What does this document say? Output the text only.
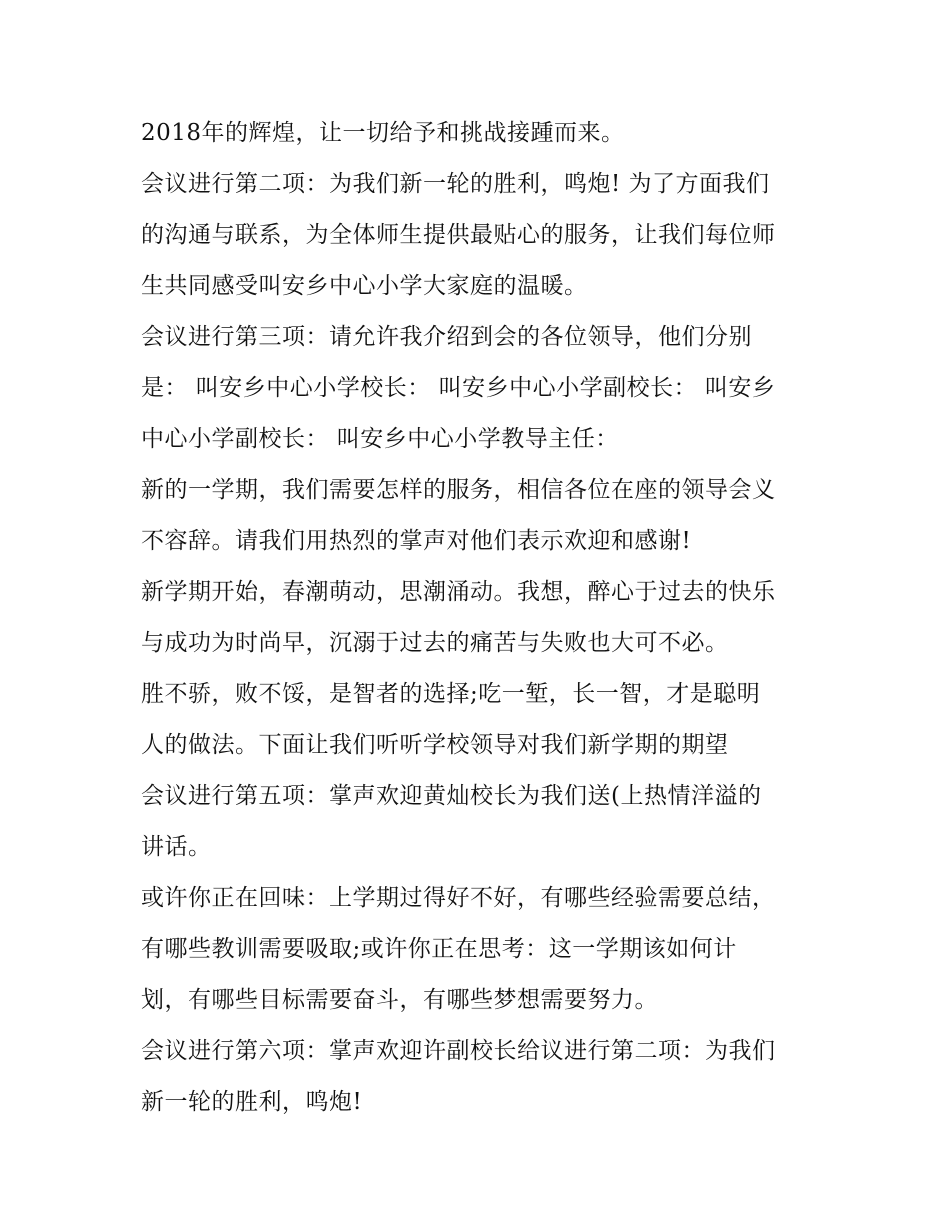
2018年的辉煌，让一切给予和挑战接踵而来。
会议进行第二项：为我们新一轮的胜利，鸣炮! 为了方面我们
的沟通与联系，为全体师生提供最贴心的服务，让我们每位师
生共同感受叫安乡中心小学大家庭的温暖。
会议进行第三项：请允许我介绍到会的各位领导，他们分别
是： 叫安乡中心小学校长： 叫安乡中心小学副校长： 叫安乡
中心小学副校长： 叫安乡中心小学教导主任：
新的一学期，我们需要怎样的服务，相信各位在座的领导会义
不容辞。请我们用热烈的掌声对他们表示欢迎和感谢!
新学期开始，春潮萌动，思潮涌动。我想，醉心于过去的快乐
与成功为时尚早，沉溺于过去的痛苦与失败也大可不必。
胜不骄，败不馁，是智者的选择;吃一堑，长一智，才是聪明
人的做法。下面让我们听听学校领导对我们新学期的期望
会议进行第五项：掌声欢迎黄灿校长为我们送(上热情洋溢的
讲话。
或许你正在回味：上学期过得好不好，有哪些经验需要总结，
有哪些教训需要吸取;或许你正在思考：这一学期该如何计
划，有哪些目标需要奋斗，有哪些梦想需要努力。
会议进行第六项：掌声欢迎许副校长给议进行第二项：为我们
新一轮的胜利，鸣炮!
